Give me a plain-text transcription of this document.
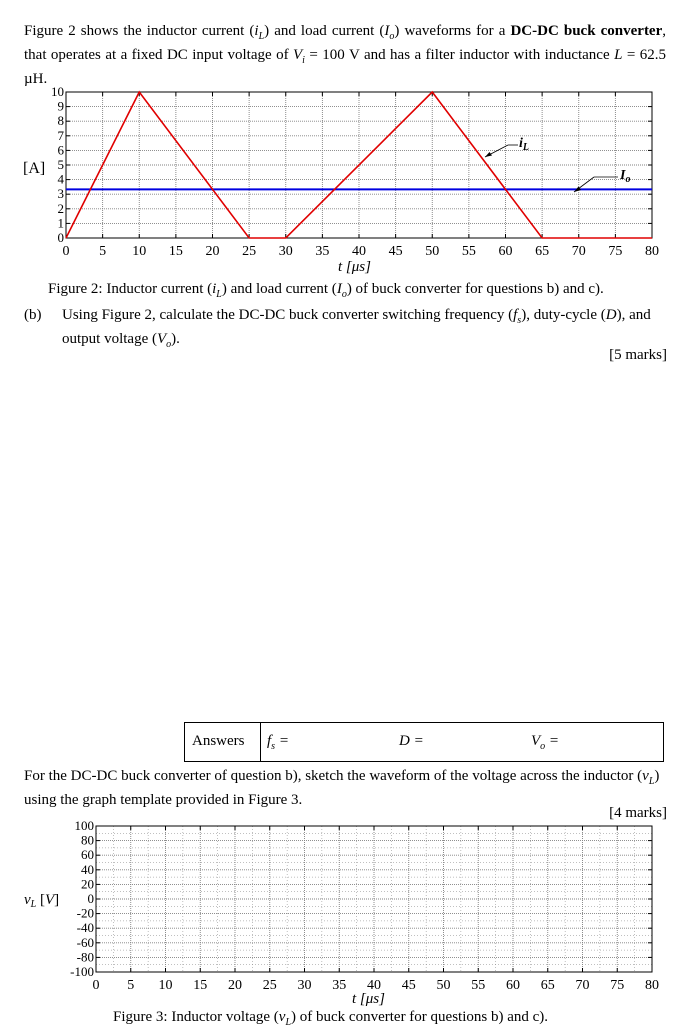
Figure 2 shows the inductor current $(i_L)$ and load current $(I_o)$ waveforms for a DC-DC buck converter, that operates at a fixed DC input voltage of $V_i = 100$ V and has a filter inductor with inductance L = 62.5 µH.

10
9
8
7
6
5
4
3
2
1
0
0 5 10 15 20 25 30 35 40 45 50 55 60 65 70 75 80
[A]
t [μs]
$i_L$
$I_o$

Figure 2: Inductor current $(i_L)$ and load current $(I_o)$ of buck converter for questions b) and c).

(b) Using Figure 2, calculate the DC-DC buck converter switching frequency $(f_s)$, duty-cycle (D), and output voltage $(V_o)$.

[5 marks]

Answers $f_s$ =	D =	$V_o$ =

For the DC-DC buck converter of question b), sketch the waveform of the voltage across the inductor $(v_L)$ using the graph template provided in Figure 3.

[4 marks]

100
80
60
40
20
0
-20
-40
-60
-80
-100
0 5 10 15 20 25 30 35 40 45 50 55 60 65 70 75 80
$v_L$ [V]
t [μs]

Figure 3: Inductor voltage $(v_L)$ of buck converter for questions b) and c).
